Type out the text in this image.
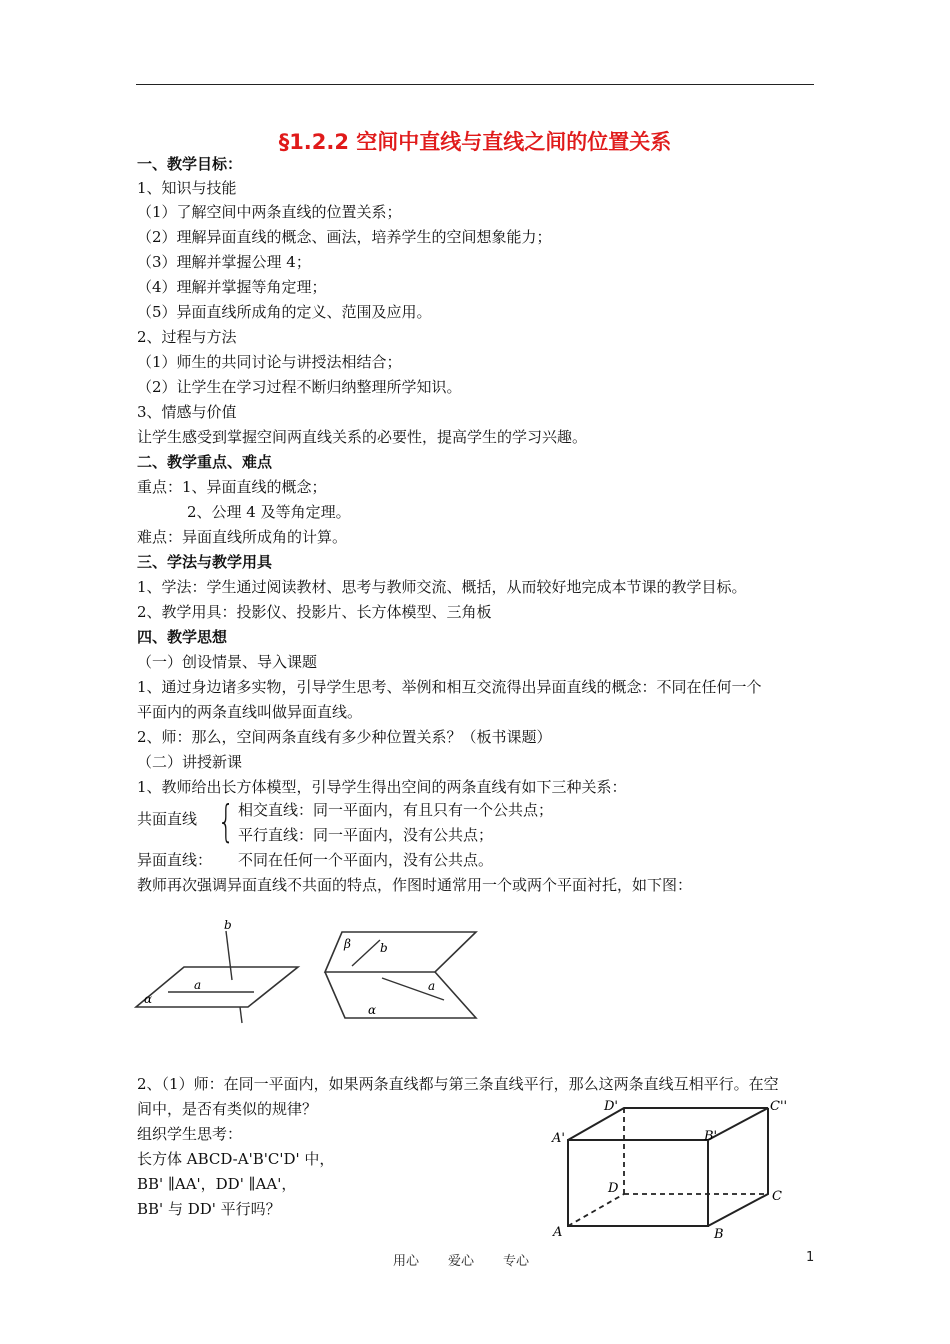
§1.2.2 空间中直线与直线之间的位置关系
一、教学目标：
1、知识与技能
（1）了解空间中两条直线的位置关系；
（2）理解异面直线的概念、画法，培养学生的空间想象能力；
（3）理解并掌握公理 4；
（4）理解并掌握等角定理；
（5）异面直线所成角的定义、范围及应用。
2、过程与方法
（1）师生的共同讨论与讲授法相结合；
（2）让学生在学习过程不断归纳整理所学知识。
3、情感与价值
让学生感受到掌握空间两直线关系的必要性，提高学生的学习兴趣。
二、教学重点、难点
重点：1、异面直线的概念；
2、公理 4 及等角定理。
难点：异面直线所成角的计算。
三、学法与教学用具
1、学法：学生通过阅读教材、思考与教师交流、概括，从而较好地完成本节课的教学目标。
2、教学用具：投影仪、投影片、长方体模型、三角板
四、教学思想
（一）创设情景、导入课题
1、通过身边诸多实物，引导学生思考、举例和相互交流得出异面直线的概念：不同在任何一个
平面内的两条直线叫做异面直线。
2、师：那么，空间两条直线有多少种位置关系？（板书课题）
（二）讲授新课
1、教师给出长方体模型，引导学生得出空间的两条直线有如下三种关系：
共面直线 { 相交直线：同一平面内，有且只有一个公共点；
平行直线：同一平面内，没有公共点；
异面直线： 不同在任何一个平面内，没有公共点。
教师再次强调异面直线不共面的特点，作图时通常用一个或两个平面衬托，如下图：
b
a
α
β b
a
α
2、（1）师：在同一平面内，如果两条直线都与第三条直线平行，那么这两条直线互相平行。在空
间中，是否有类似的规律？
组织学生思考：
长方体 ABCD-A'B'C'D' 中，
BB' ∥AA'，DD' ∥AA'，
BB' 与 DD' 平行吗？
A'
D'	C''
B'
D
C
A	B
用心 爱心 专心	1
